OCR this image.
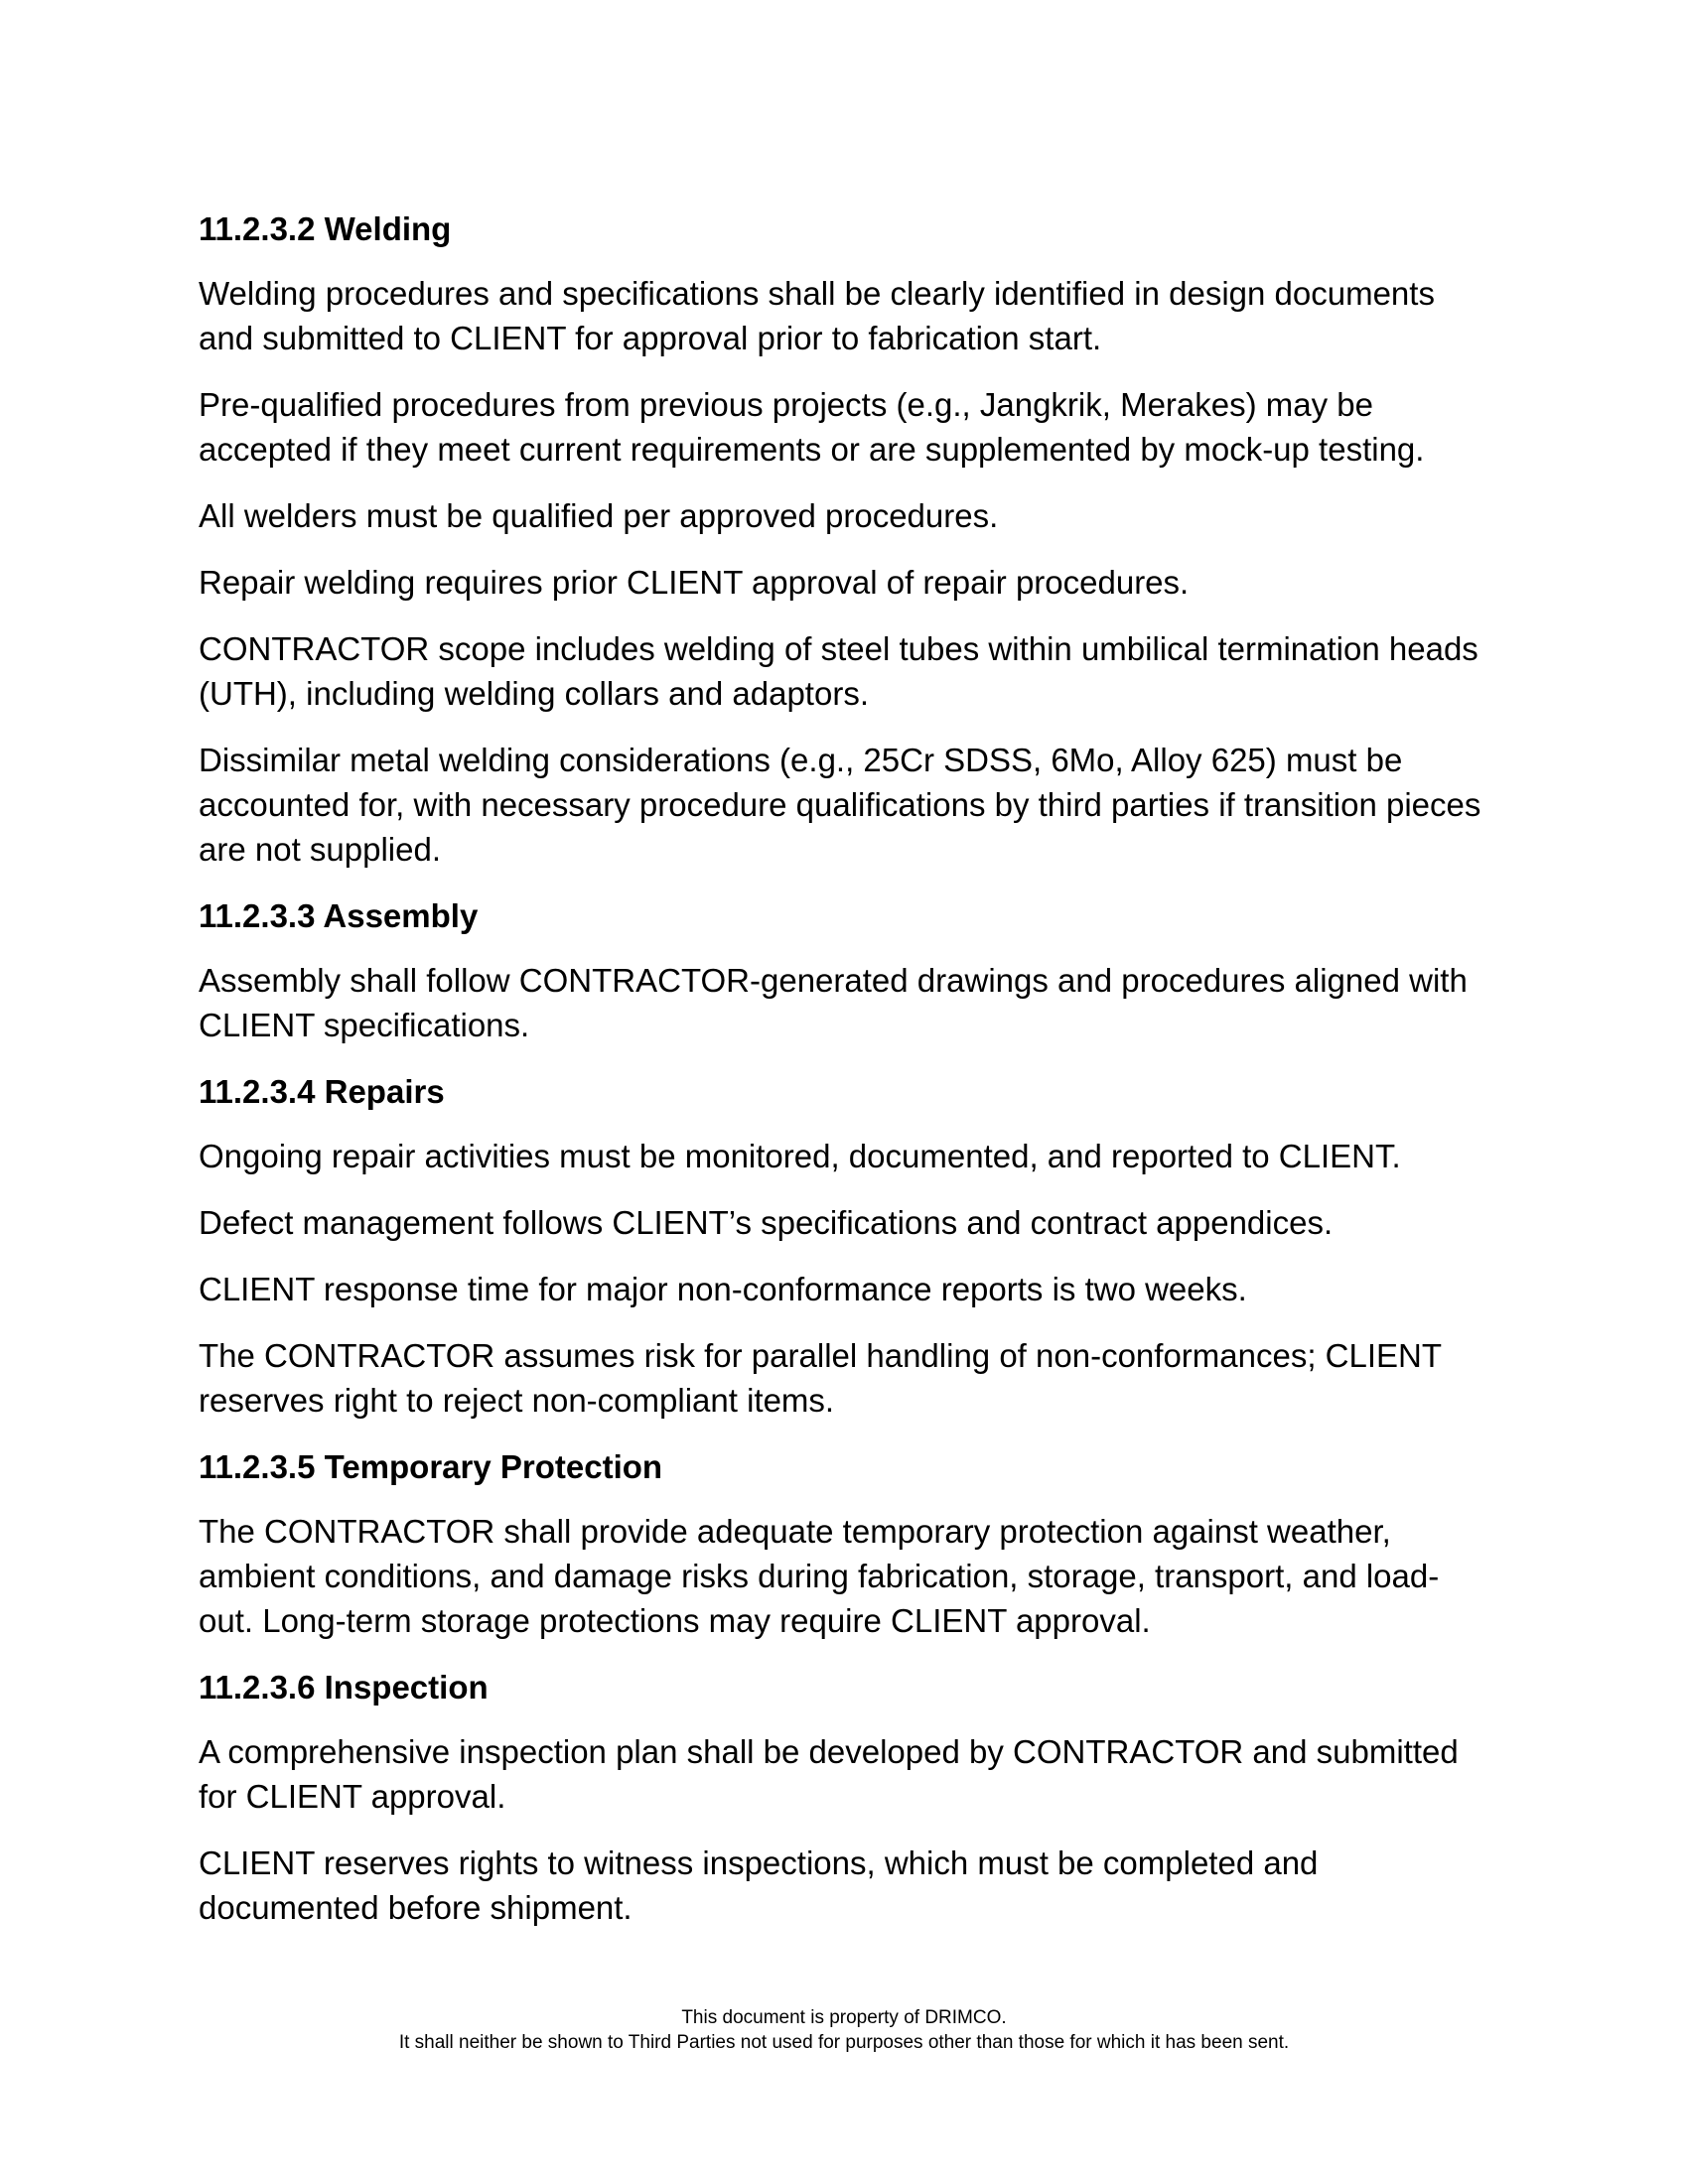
11.2.3.2 Welding

Welding procedures and specifications shall be clearly identified in design documents and submitted to CLIENT for approval prior to fabrication start.

Pre-qualified procedures from previous projects (e.g., Jangkrik, Merakes) may be accepted if they meet current requirements or are supplemented by mock-up testing.

All welders must be qualified per approved procedures.

Repair welding requires prior CLIENT approval of repair procedures.

CONTRACTOR scope includes welding of steel tubes within umbilical termination heads (UTH), including welding collars and adaptors.

Dissimilar metal welding considerations (e.g., 25Cr SDSS, 6Mo, Alloy 625) must be accounted for, with necessary procedure qualifications by third parties if transition pieces are not supplied.

11.2.3.3 Assembly

Assembly shall follow CONTRACTOR-generated drawings and procedures aligned with CLIENT specifications.

11.2.3.4 Repairs

Ongoing repair activities must be monitored, documented, and reported to CLIENT.

Defect management follows CLIENT’s specifications and contract appendices.

CLIENT response time for major non-conformance reports is two weeks.

The CONTRACTOR assumes risk for parallel handling of non-conformances; CLIENT reserves right to reject non-compliant items.

11.2.3.5 Temporary Protection

The CONTRACTOR shall provide adequate temporary protection against weather, ambient conditions, and damage risks during fabrication, storage, transport, and load-out. Long-term storage protections may require CLIENT approval.

11.2.3.6 Inspection

A comprehensive inspection plan shall be developed by CONTRACTOR and submitted for CLIENT approval.

CLIENT reserves rights to witness inspections, which must be completed and documented before shipment.

This document is property of DRIMCO.
It shall neither be shown to Third Parties not used for purposes other than those for which it has been sent.
